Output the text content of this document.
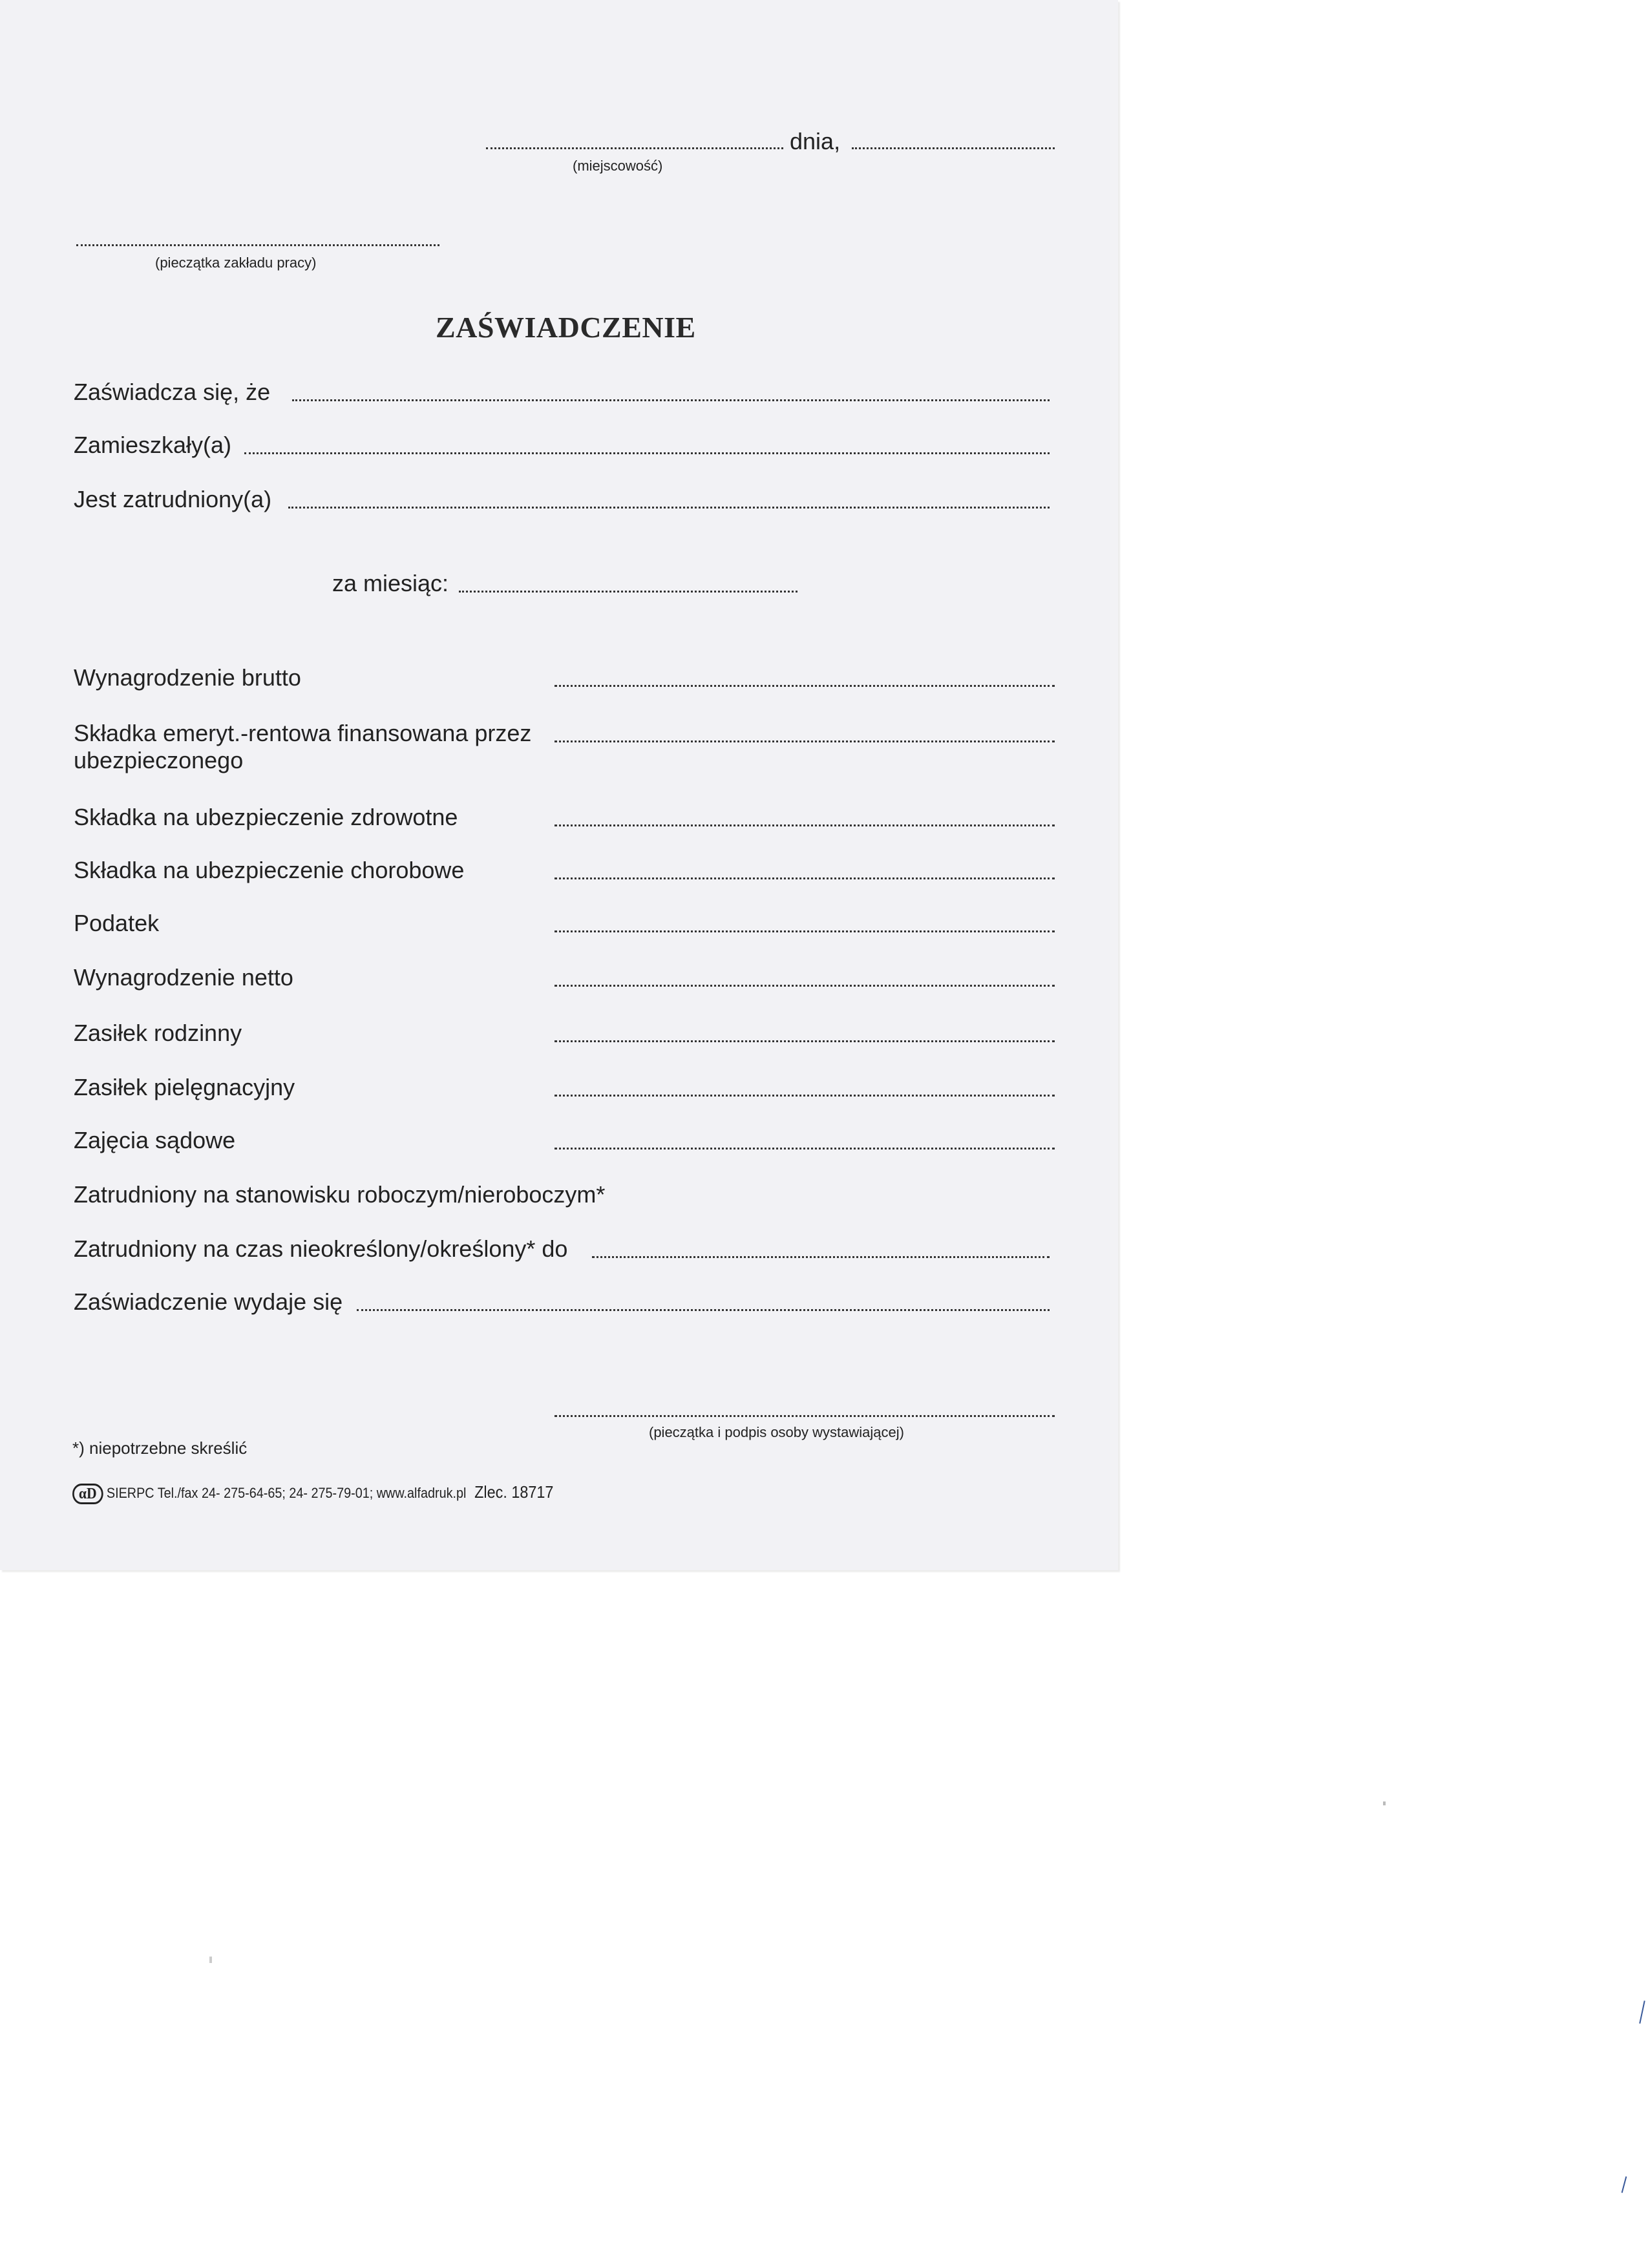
dnia,
(miejscowość)
(pieczątka zakładu pracy)
ZAŚWIADCZENIE
Zaświadcza się, że
Zamieszkały(a)
Jest zatrudniony(a)
za miesiąc:
Wynagrodzenie brutto
Składka emeryt.-rentowa finansowana przez
ubezpieczonego
Składka na ubezpieczenie zdrowotne
Składka na ubezpieczenie chorobowe
Podatek
Wynagrodzenie netto
Zasiłek rodzinny
Zasiłek pielęgnacyjny
Zajęcia sądowe
Zatrudniony na stanowisku roboczym/nieroboczym*
Zatrudniony na czas nieokreślony/określony* do
Zaświadczenie wydaje się
(pieczątka i podpis osoby wystawiającej)
*) niepotrzebne skreślić
αD SIERPC Tel./fax 24- 275-64-65; 24- 275-79-01; www.alfadruk.pl Zlec. 18717
